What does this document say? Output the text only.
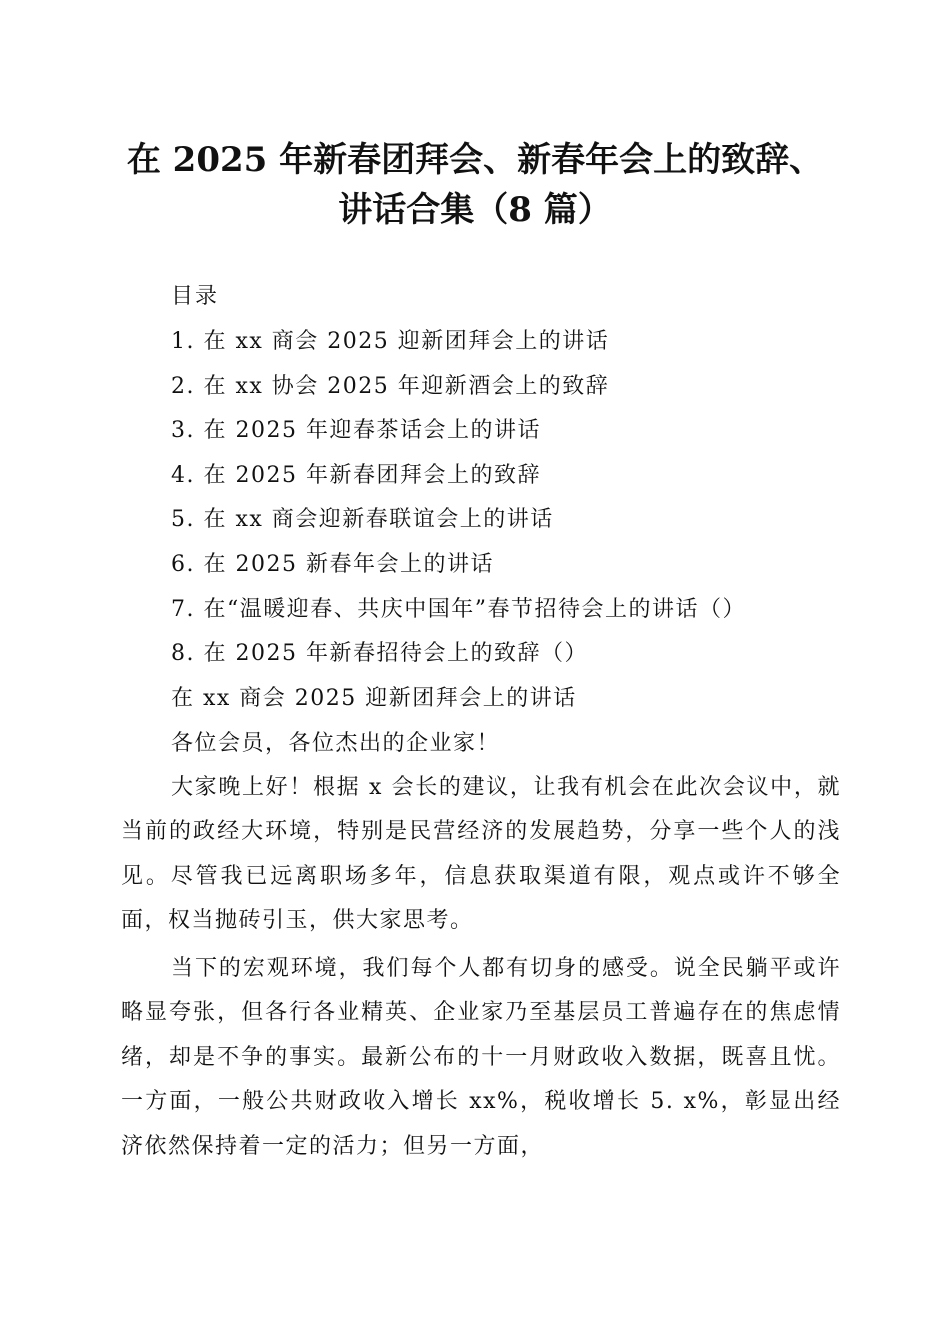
在 2025 年新春团拜会、新春年会上的致辞、
讲话合集（8 篇）
目录
1. 在 xx 商会 2025 迎新团拜会上的讲话
2. 在 xx 协会 2025 年迎新酒会上的致辞
3. 在 2025 年迎春茶话会上的讲话
4. 在 2025 年新春团拜会上的致辞
5. 在 xx 商会迎新春联谊会上的讲话
6. 在 2025 新春年会上的讲话
7. 在“温暖迎春、共庆中国年”春节招待会上的讲话（）
8. 在 2025 年新春招待会上的致辞（）
在 xx 商会 2025 迎新团拜会上的讲话
各位会员，各位杰出的企业家！

大家晚上好！根据 x 会长的建议，让我有机会在此次会议中，就当前的政经大环境，特别是民营经济的发展趋势，分享一些个人的浅见。尽管我已远离职场多年，信息获取渠道有限，观点或许不够全面，权当抛砖引玉，供大家思考。

当下的宏观环境，我们每个人都有切身的感受。说全民躺平或许略显夸张，但各行各业精英、企业家乃至基层员工普遍存在的焦虑情绪，却是不争的事实。最新公布的十一月财政收入数据，既喜且忧。一方面，一般公共财政收入增长 xx%，税收增长 5. x%，彰显出经济依然保持着一定的活力；但另一方面，
